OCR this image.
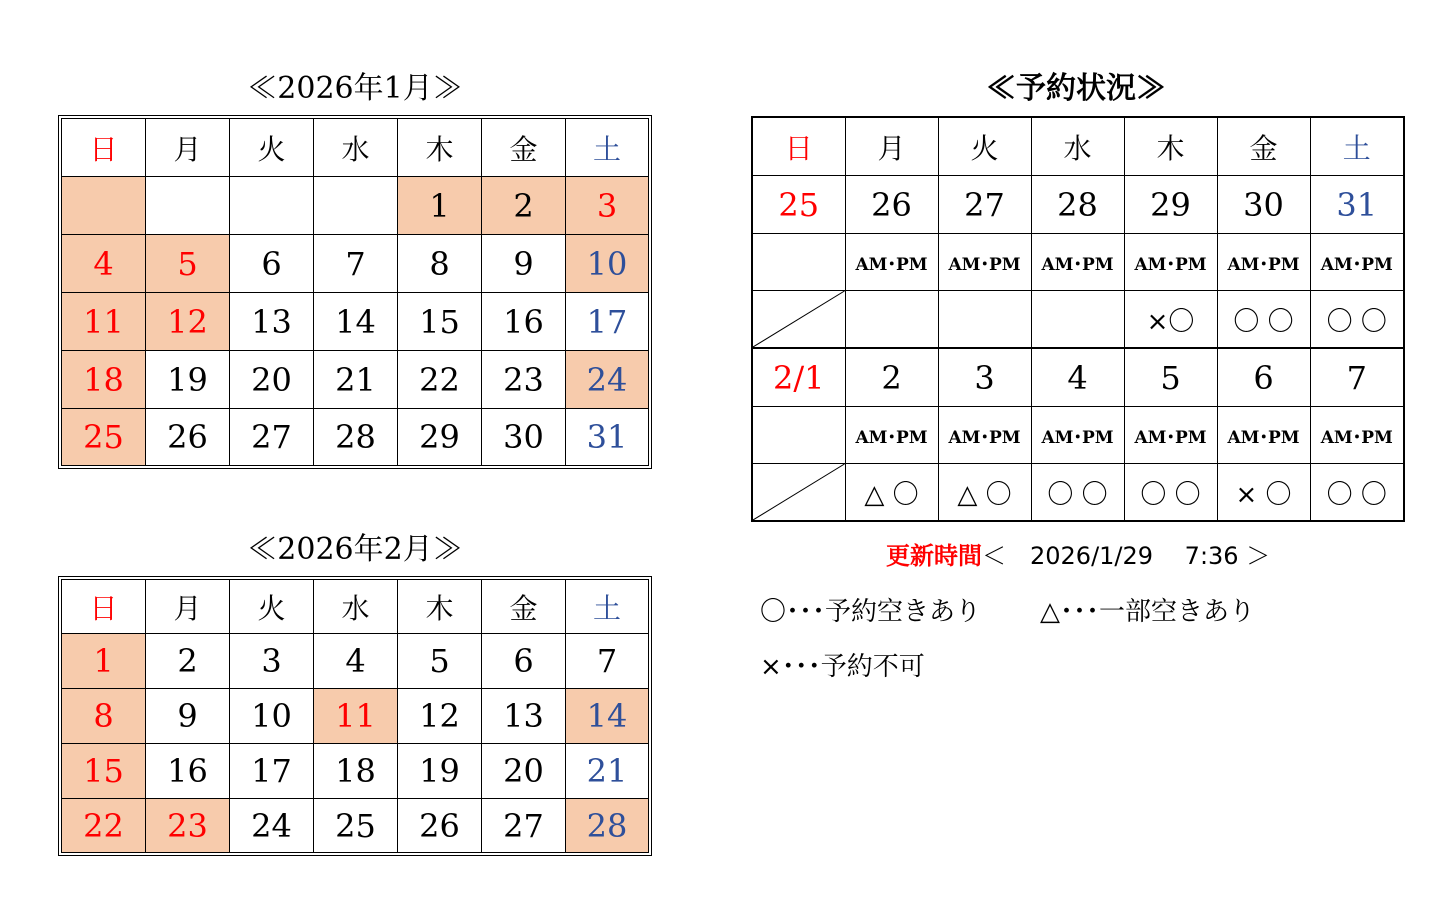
≪2026年1月≫
日	月	火	水	木	金	土
				1	2	3
4	5	6	7	8	9	10
11	12	13	14	15	16	17
18	19	20	21	22	23	24
25	26	27	28	29	30	31
≪2026年2月≫
日	月	火	水	木	金	土
1	2	3	4	5	6	7
8	9	10	11	12	13	14
15	16	17	18	19	20	21
22	23	24	25	26	27	28
≪予約状況≫
日	月	火	水	木	金	土
25	26	27	28	29	30	31
	AM･PM	AM･PM	AM･PM	AM･PM	AM･PM	AM･PM

				×〇	〇 〇	〇 〇
2/1	2	3	4	5	6	7
	AM･PM	AM･PM	AM･PM	AM･PM	AM･PM	AM･PM

	△ 〇	△ 〇	〇 〇	〇 〇	× 〇	〇 〇
更新時間＜　2026/1/29　 7:36 ＞
〇･･･予約空きあり △･･･一部空きあり
×･･･予約不可
